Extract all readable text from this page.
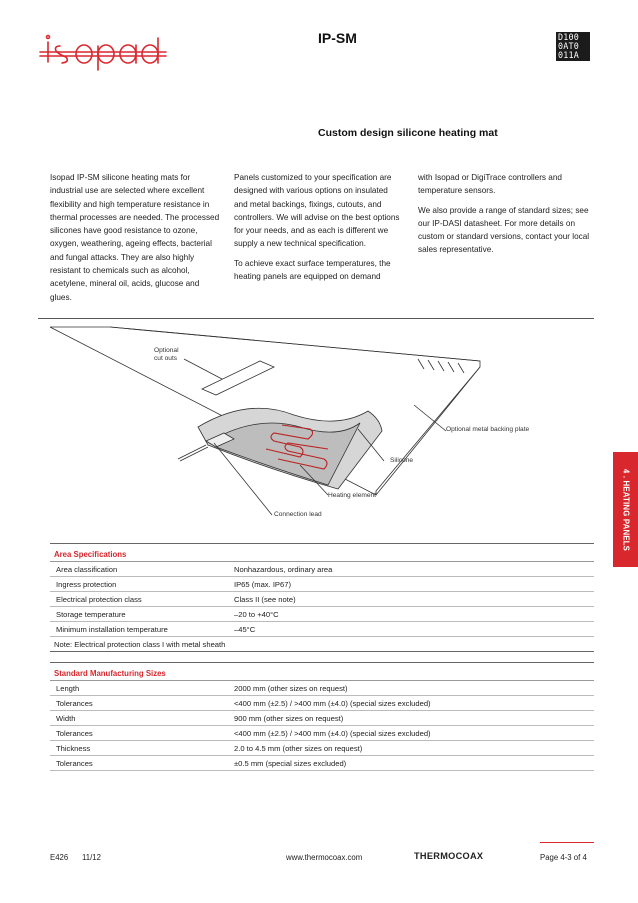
isopad	IP-SM	D100
0AT0
011A
Custom design silicone heating mat

Isopad IP-SM silicone heating mats for industrial use are selected where excellent flexibility and high temperature resistance in thermal processes are needed. The processed silicones have good resistance to ozone, oxygen, weathering, ageing effects, bacterial and fungal attacks. They are also highly resistant to chemicals such as alcohol, acetylene, mineral oil, acids, glucose and glues.

Panels customized to your specification are designed with various options on insulated and metal backings, fixings, cutouts, and controllers. We will advise on the best options for your needs, and as each is different we supply a new technical specification.

To achieve exact surface temperatures, the heating panels are equipped on demand

with Isopad or DigiTrace controllers and temperature sensors.

We also provide a range of standard sizes; see our IP-DASI datasheet. For more details on custom or standard versions, contact your local sales representative.

Optional
cut outs
Optional metal backing plate
Silicone
Heating element
Connection lead	4 . HEATING PANELS
Area Specifications
Area classification	Nonhazardous, ordinary area
Ingress protection	IP65 (max. IP67)
Electrical protection class	Class II (see note)
Storage temperature	–20 to +40°C
Minimum installation temperature	–45°C
Note: Electrical protection class I with metal sheath
Standard Manufacturing Sizes
Length	2000 mm (other sizes on request)
Tolerances	<400 mm (±2.5) / >400 mm (±4.0) (special sizes excluded)
Width	900 mm (other sizes on request)
Tolerances	<400 mm (±2.5) / >400 mm (±4.0) (special sizes excluded)
Thickness	2.0 to 4.5 mm (other sizes on request)
Tolerances	±0.5 mm (special sizes excluded)
E426 11/12	www.thermocoax.com	THERMOCOAX	Page 4-3 of 4
